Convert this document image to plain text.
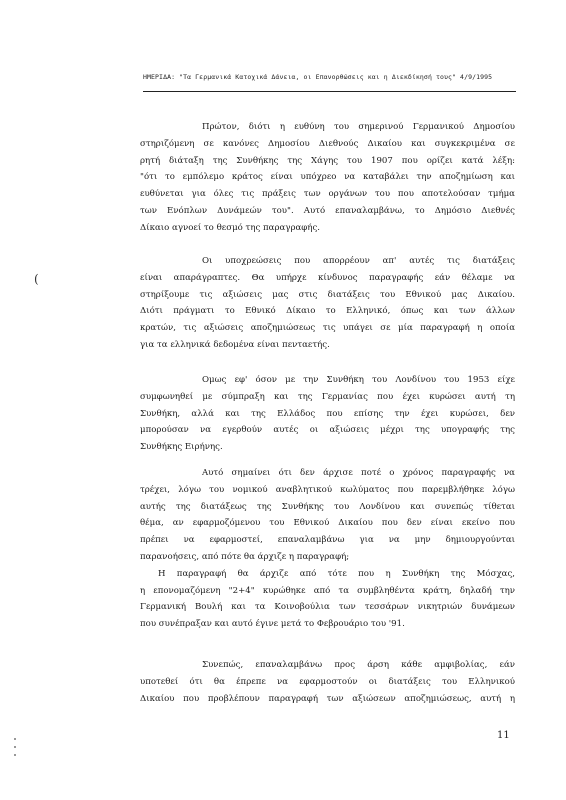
ΗΜΕΡΙΔΑ: "Τα Γερμανικά Κατοχικά Δάνεια, οι Επανορθώσεις και η Διεκδίκησή τους" 4/9/1995
Πρώτον, διότι η ευθύνη του σημερινού Γερμανικού Δημοσίου
στηριζόμενη σε κανόνες Δημοσίου Διεθνούς Δικαίου και συγκεκριμένα σε
ρητή διάταξη της Συνθήκης της Χάγης του 1907 που ορίζει κατά λέξη:
"ότι το εμπόλεμο κράτος είναι υπόχρεο να καταβάλει την αποζημίωση και
ευθύνεται για όλες τις πράξεις των οργάνων του που αποτελούσαν τμήμα
των Ενόπλων Δυνάμεών του". Αυτό επαναλαμβάνω, το Δημόσιο Διεθνές
Δίκαιο αγνοεί το θεσμό της παραγραφής.
Οι υποχρεώσεις που απορρέουν απ' αυτές τις διατάξεις
είναι απαράγραπτες. Θα υπήρχε κίνδυνος παραγραφής εάν θέλαμε να
στηρίξουμε τις αξιώσεις μας στις διατάξεις του Εθνικού μας Δικαίου.
Διότι πράγματι το Εθνικό Δίκαιο το Ελληνικό, όπως και των άλλων
κρατών, τις αξιώσεις αποζημιώσεως τις υπάγει σε μία παραγραφή η οποία
για τα ελληνικά δεδομένα είναι πενταετής.
Ομως εφ' όσον με την Συνθήκη του Λονδίνου του 1953 είχε
συμφωνηθεί με σύμπραξη και της Γερμανίας που έχει κυρώσει αυτή τη
Συνθήκη, αλλά και της Ελλάδος που επίσης την έχει κυρώσει, δεν
μπορούσαν να εγερθούν αυτές οι αξιώσεις μέχρι της υπογραφής της
Συνθήκης Ειρήνης.
Αυτό σημαίνει ότι δεν άρχισε ποτέ ο χρόνος παραγραφής να
τρέχει, λόγω του νομικού αναβλητικού κωλύματος που παρεμβλήθηκε λόγω
αυτής της διατάξεως της Συνθήκης του Λονδίνου και συνεπώς τίθεται
θέμα, αν εφαρμοζόμενου του Εθνικού Δικαίου που δεν είναι εκείνο που
πρέπει να εφαρμοστεί, επαναλαμβάνω για να μην δημιουργούνται
παρανοήσεις, από πότε θα άρχιζε η παραγραφή;
Η παραγραφή θα άρχιζε από τότε που η Συνθήκη της Μόσχας,
η επονομαζόμενη "2+4" κυρώθηκε από τα συμβληθέντα κράτη, δηλαδή την
Γερμανική Βουλή και τα Κοινοβούλια των τεσσάρων νικητριών δυνάμεων
που συνέπραξαν και αυτό έγινε μετά το Φεβρουάριο του '91.
Συνεπώς, επαναλαμβάνω προς άρση κάθε αμφιβολίας, εάν
υποτεθεί ότι θα έπρεπε να εφαρμοστούν οι διατάξεις του Ελληνικού
Δικαίου που προβλέπουν παραγραφή των αξιώσεων αποζημιώσεως, αυτή η
11
(
